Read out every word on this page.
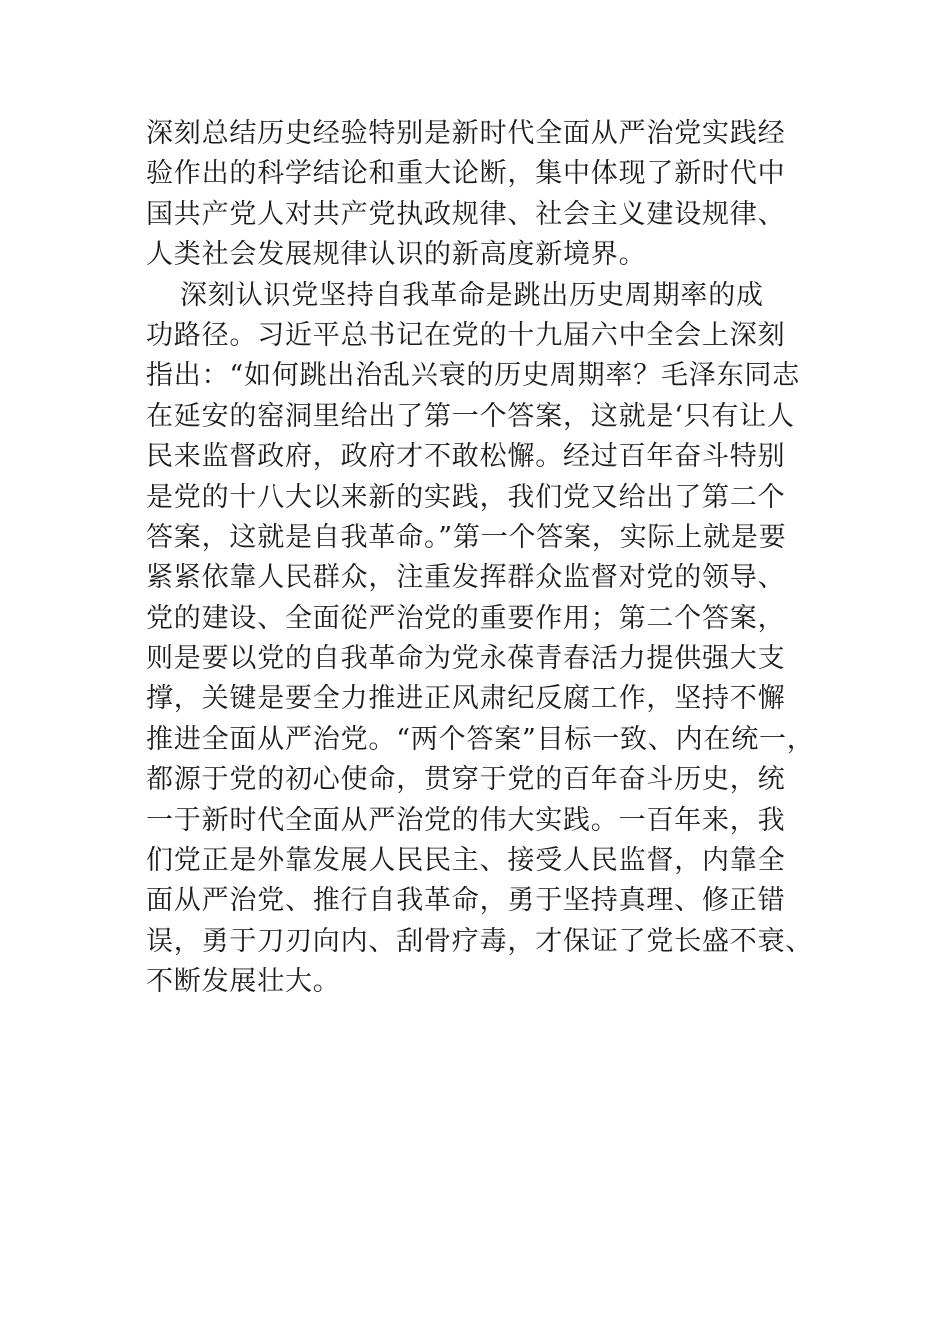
深刻总结历史经验特别是新时代全面从严治党实践经
验作出的科学结论和重大论断，集中体现了新时代中
国共产党人对共产党执政规律、社会主义建设规律、
人类社会发展规律认识的新高度新境界。
深刻认识党坚持自我革命是跳出历史周期率的成
功路径。习近平总书记在党的十九届六中全会上深刻
指出：“如何跳出治乱兴衰的历史周期率？毛泽东同志
在延安的窑洞里给出了第一个答案，这就是‘只有让人
民来监督政府，政府才不敢松懈。经过百年奋斗特别
是党的十八大以来新的实践，我们党又给出了第二个
答案，这就是自我革命。”第一个答案，实际上就是要
紧紧依靠人民群众，注重发挥群众监督对党的领导、
党的建设、全面從严治党的重要作用；第二个答案，
则是要以党的自我革命为党永葆青春活力提供强大支
撑，关键是要全力推进正风肃纪反腐工作，坚持不懈
推进全面从严治党。“两个答案”目标一致、内在统一，
都源于党的初心使命，贯穿于党的百年奋斗历史，统
一于新时代全面从严治党的伟大实践。一百年来，我
们党正是外靠发展人民民主、接受人民监督，内靠全
面从严治党、推行自我革命，勇于坚持真理、修正错
误，勇于刀刃向内、刮骨疗毒，才保证了党长盛不衰、
不断发展壮大。
